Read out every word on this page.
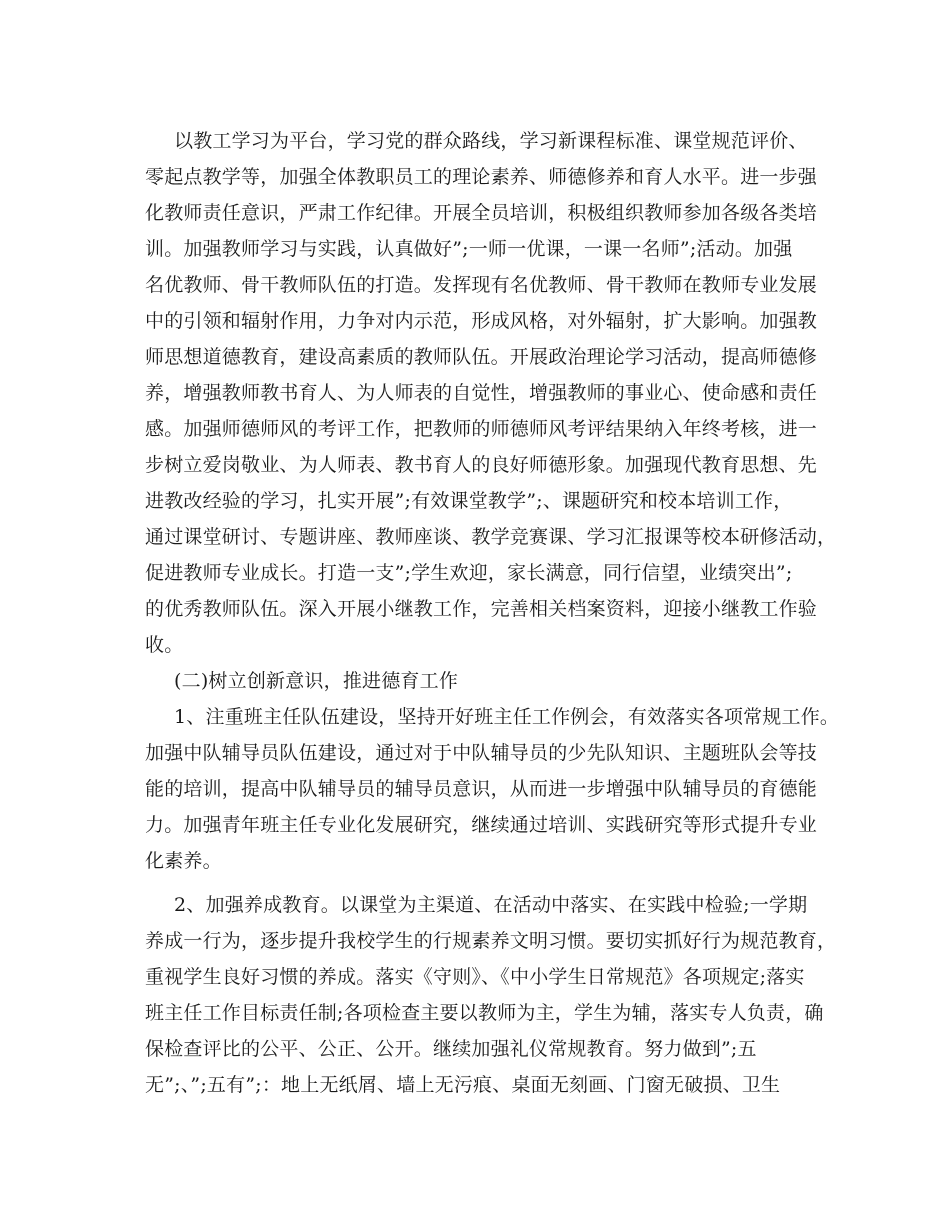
以教工学习为平台，学习党的群众路线，学习新课程标准、课堂规范评价、
零起点教学等，加强全体教职员工的理论素养、师德修养和育人水平。进一步强
化教师责任意识，严肃工作纪律。开展全员培训，积极组织教师参加各级各类培
训。加强教师学习与实践，认真做好”;一师一优课，一课一名师”;活动。加强
名优教师、骨干教师队伍的打造。发挥现有名优教师、骨干教师在教师专业发展
中的引领和辐射作用，力争对内示范，形成风格，对外辐射，扩大影响。加强教
师思想道德教育，建设高素质的教师队伍。开展政治理论学习活动，提高师德修
养，增强教师教书育人、为人师表的自觉性，增强教师的事业心、使命感和责任
感。加强师德师风的考评工作，把教师的师德师风考评结果纳入年终考核，进一
步树立爱岗敬业、为人师表、教书育人的良好师德形象。加强现代教育思想、先
进教改经验的学习，扎实开展”;有效课堂教学”;、课题研究和校本培训工作，
通过课堂研讨、专题讲座、教师座谈、教学竞赛课、学习汇报课等校本研修活动，
促进教师专业成长。打造一支”;学生欢迎，家长满意，同行信望，业绩突出”;
的优秀教师队伍。深入开展小继教工作，完善相关档案资料，迎接小继教工作验
收。
(二)树立创新意识，推进德育工作
1、注重班主任队伍建设，坚持开好班主任工作例会，有效落实各项常规工作。
加强中队辅导员队伍建设，通过对于中队辅导员的少先队知识、主题班队会等技
能的培训，提高中队辅导员的辅导员意识，从而进一步增强中队辅导员的育德能
力。加强青年班主任专业化发展研究，继续通过培训、实践研究等形式提升专业
化素养。
2、加强养成教育。以课堂为主渠道、在活动中落实、在实践中检验;一学期
养成一行为，逐步提升我校学生的行规素养文明习惯。要切实抓好行为规范教育，
重视学生良好习惯的养成。落实《守则》、《中小学生日常规范》各项规定;落实
班主任工作目标责任制;各项检查主要以教师为主，学生为辅，落实专人负责，确
保检查评比的公平、公正、公开。继续加强礼仪常规教育。努力做到”;五
无”;、”;五有”;：地上无纸屑、墙上无污痕、桌面无刻画、门窗无破损、卫生
